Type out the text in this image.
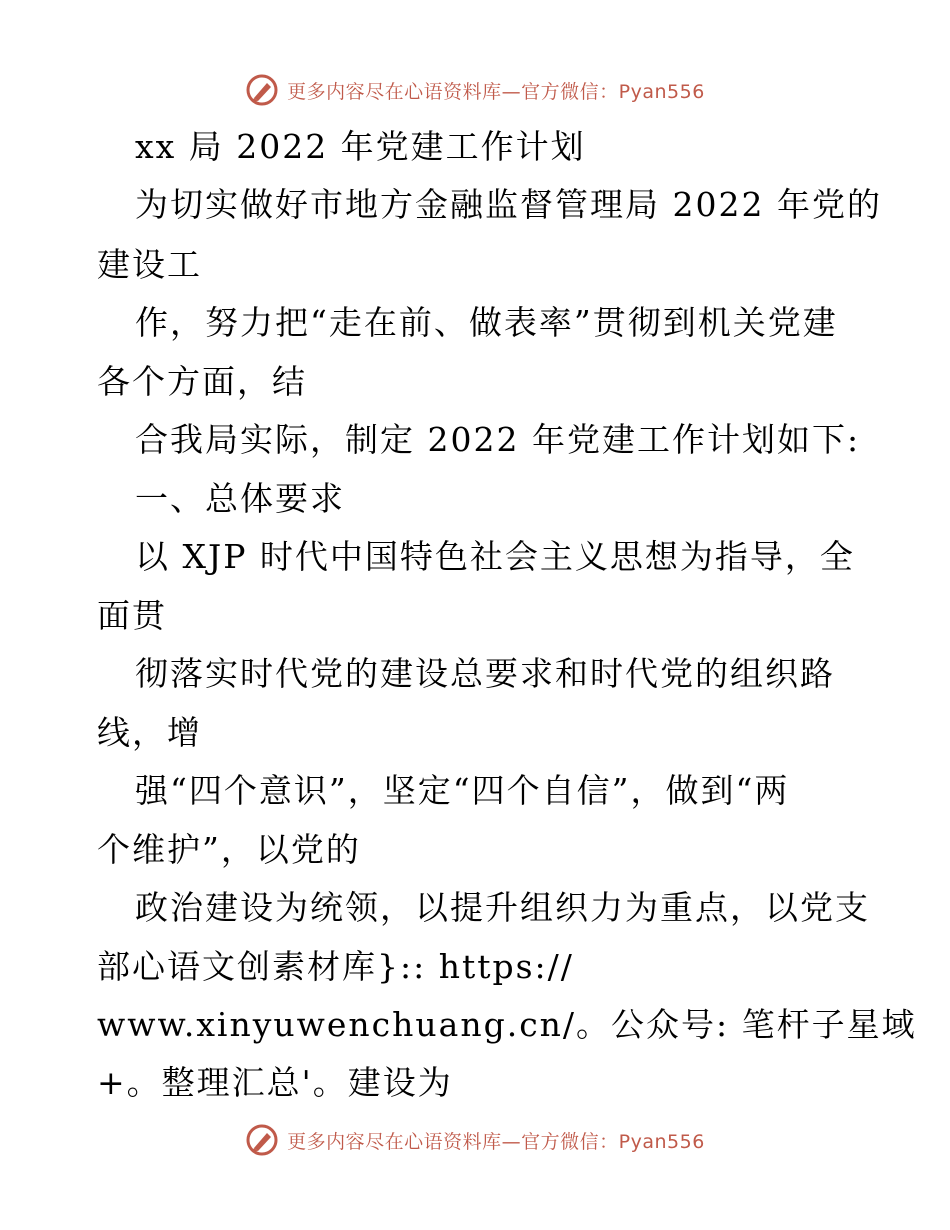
更多内容尽在心语资料库—官方微信：Pyan556
xx 局 2022 年党建工作计划
为切实做好市地方金融监督管理局 2022 年党的
建设工
作，努力把“走在前、做表率”贯彻到机关党建
各个方面，结
合我局实际，制定 2022 年党建工作计划如下:
一、总体要求
以 XJP 时代中国特色社会主义思想为指导，全
面贯
彻落实时代党的建设总要求和时代党的组织路
线，增
强“四个意识”，坚定“四个自信”，做到“两
个维护”，以党的
政治建设为统领，以提升组织力为重点，以党支
部心语文创素材库}:: https://
www.xinyuwenchuang.cn/。公众号: 笔杆子星域
+。整理汇总'。建设为
更多内容尽在心语资料库—官方微信：Pyan556
